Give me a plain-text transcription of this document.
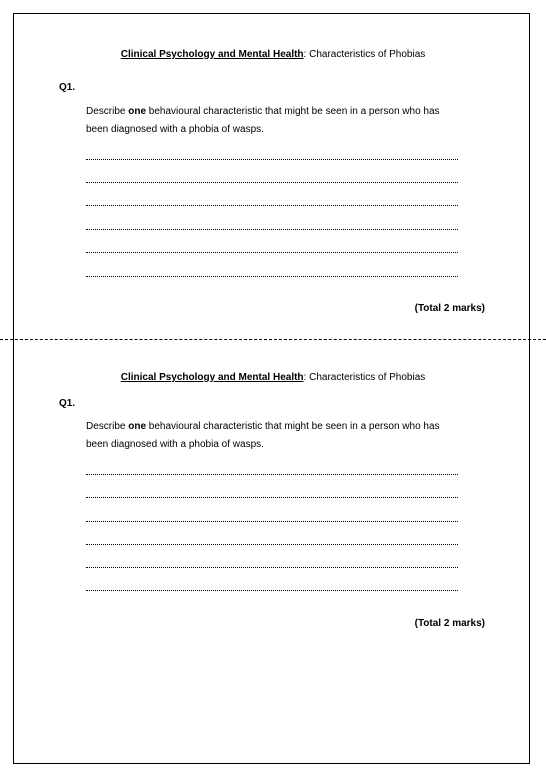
Clinical Psychology and Mental Health: Characteristics of Phobias
Q1.
Describe one behavioural characteristic that might be seen in a person who has
been diagnosed with a phobia of wasps.
(Total 2 marks)
Clinical Psychology and Mental Health: Characteristics of Phobias
Q1.
Describe one behavioural characteristic that might be seen in a person who has
been diagnosed with a phobia of wasps.
(Total 2 marks)
